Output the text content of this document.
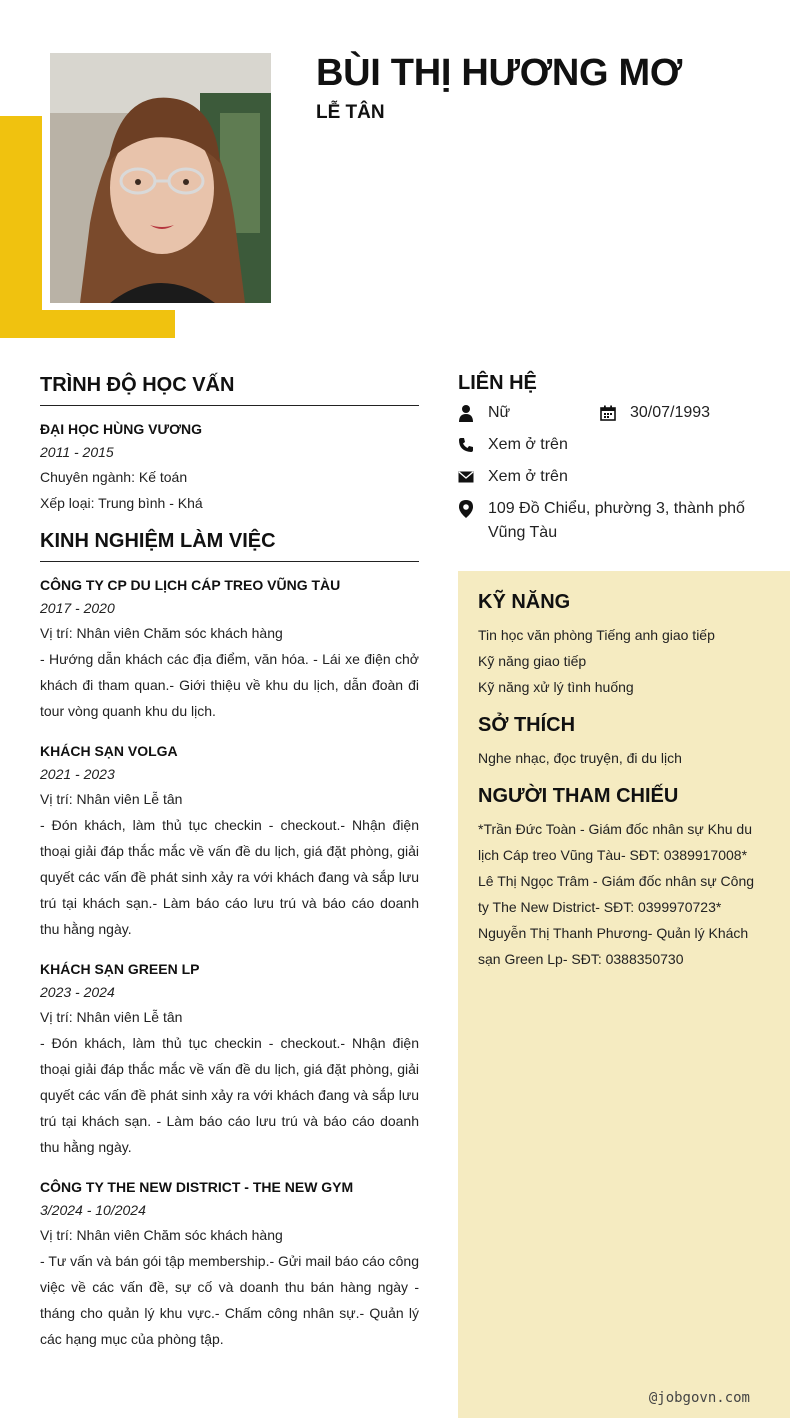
BÙI THỊ HƯƠNG MƠ
LỄ TÂN
TRÌNH ĐỘ HỌC VẤN
ĐẠI HỌC HÙNG VƯƠNG
2011 - 2015
Chuyên ngành: Kế toán
Xếp loại: Trung bình - Khá
KINH NGHIỆM LÀM VIỆC
CÔNG TY CP DU LỊCH CÁP TREO VŨNG TÀU
2017 - 2020
Vị trí: Nhân viên Chăm sóc khách hàng
- Hướng dẫn khách các địa điểm, văn hóa. - Lái xe điện chở khách đi tham quan.- Giới thiệu về khu du lịch, dẫn đoàn đi tour vòng quanh khu du lịch.
KHÁCH SẠN VOLGA
2021 - 2023
Vị trí: Nhân viên Lễ tân
- Đón khách, làm thủ tục checkin - checkout.- Nhận điện thoại giải đáp thắc mắc về vấn đề du lịch, giá đặt phòng, giải quyết các vấn đề phát sinh xảy ra với khách đang và sắp lưu trú tại khách sạn.- Làm báo cáo lưu trú và báo cáo doanh thu hằng ngày.
KHÁCH SẠN GREEN LP
2023 - 2024
Vị trí: Nhân viên Lễ tân
- Đón khách, làm thủ tục checkin - checkout.- Nhận điện thoại giải đáp thắc mắc về vấn đề du lịch, giá đặt phòng, giải quyết các vấn đề phát sinh xảy ra với khách đang và sắp lưu trú tại khách sạn. - Làm báo cáo lưu trú và báo cáo doanh thu hằng ngày.
CÔNG TY THE NEW DISTRICT - THE NEW GYM
3/2024 - 10/2024
Vị trí: Nhân viên Chăm sóc khách hàng
- Tư vấn và bán gói tập membership.- Gửi mail báo cáo công việc về các vấn đề, sự cố và doanh thu bán hàng ngày - tháng cho quản lý khu vực.- Chấm công nhân sự.- Quản lý các hạng mục của phòng tập.
LIÊN HỆ
Nữ	30/07/1993
Xem ở trên
Xem ở trên
109 Đồ Chiểu, phường 3, thành phố Vũng Tàu
KỸ NĂNG
Tin học văn phòng Tiếng anh giao tiếp
Kỹ năng giao tiếp
Kỹ năng xử lý tình huống
SỞ THÍCH
Nghe nhạc, đọc truyện, đi du lịch
NGƯỜI THAM CHIẾU
*Trần Đức Toàn - Giám đốc nhân sự Khu du
lịch Cáp treo Vũng Tàu- SĐT: 0389917008*
Lê Thị Ngọc Trâm - Giám đốc nhân sự Công
ty The New District- SĐT: 0399970723*
Nguyễn Thị Thanh Phương- Quản lý Khách
sạn Green Lp- SĐT: 0388350730
@jobgovn.com
